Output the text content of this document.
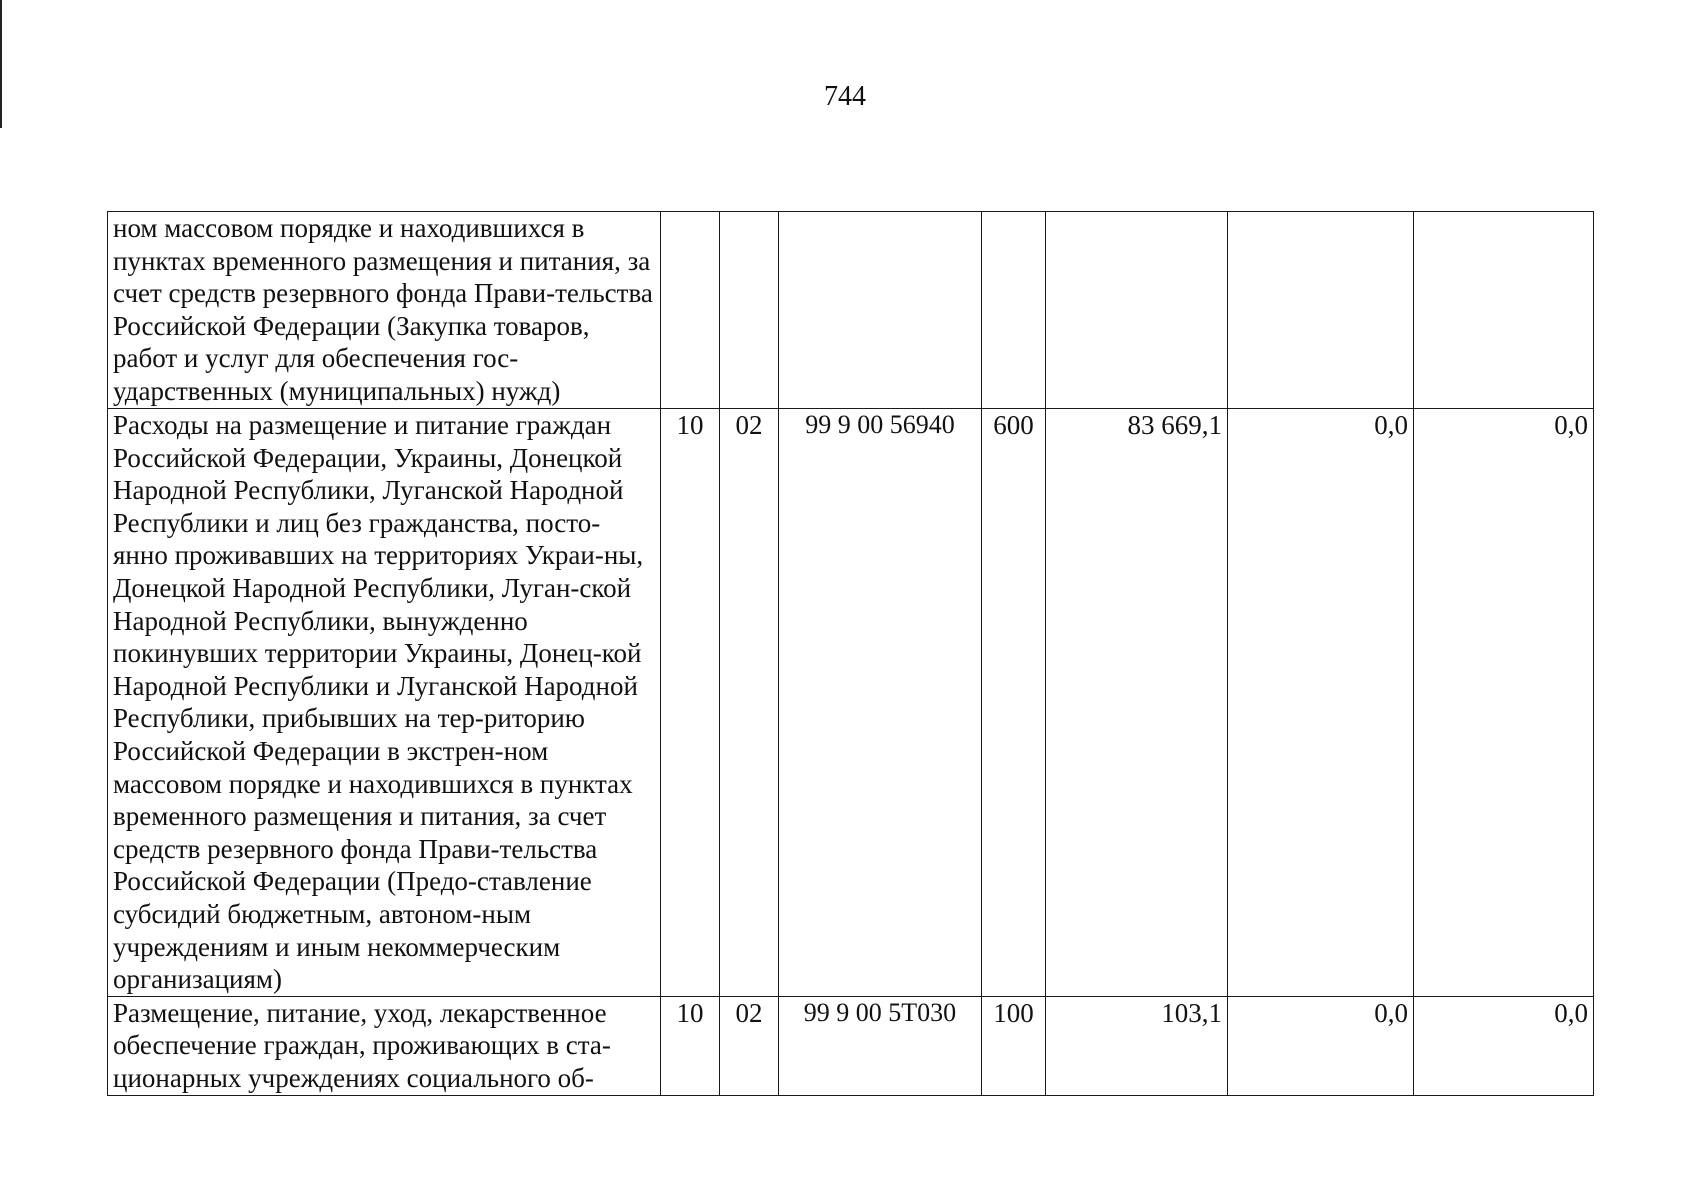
744
ном массовом порядке и находившихся в пунктах временного размещения и питания, за счет средств резервного фонда Прави-тельства Российской Федерации (Закупка товаров, работ и услуг для обеспечения гос-ударственных (муниципальных) нужд)							
Расходы на размещение и питание граждан Российской Федерации, Украины, Донецкой Народной Республики, Луганской Народной Республики и лиц без гражданства, посто-янно проживавших на территориях Украи-ны, Донецкой Народной Республики, Луган-ской Народной Республики, вынужденно покинувших территории Украины, Донец-кой Народной Республики и Луганской Народной Республики, прибывших на тер-риторию Российской Федерации в экстрен-ном массовом порядке и находившихся в пунктах временного размещения и питания, за счет средств резервного фонда Прави-тельства Российской Федерации (Предо-ставление субсидий бюджетным, автоном-ным учреждениям и иным некоммерческим организациям)	10	02	99 9 00 56940	600	83 669,1	0,0	0,0
Размещение, питание, уход, лекарственное обеспечение граждан, проживающих в ста-ционарных учреждениях социального об-	10	02	99 9 00 5Т030	100	103,1	0,0	0,0
